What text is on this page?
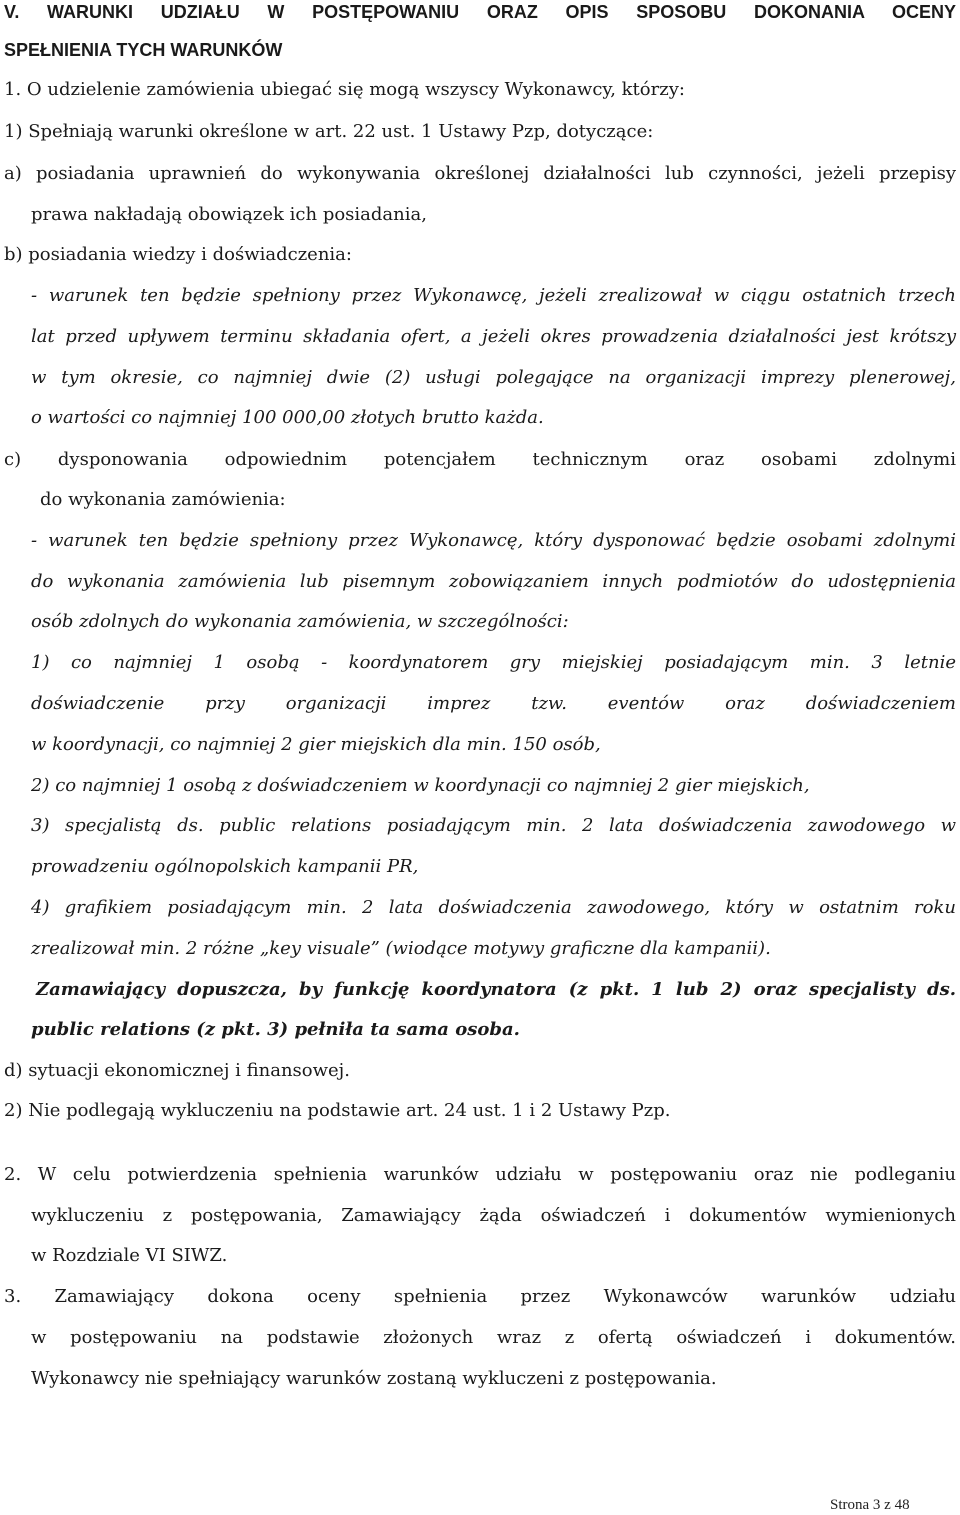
V. WARUNKI UDZIAŁU W POSTĘPOWANIU ORAZ OPIS SPOSOBU DOKONANIA OCENY

SPEŁNIENIA TYCH WARUNKÓW

1. O udzielenie zamówienia ubiegać się mogą wszyscy Wykonawcy, którzy:

1) Spełniają warunki określone w art. 22 ust. 1 Ustawy Pzp, dotyczące:

a) posiadania uprawnień do wykonywania określonej działalności lub czynności, jeżeli przepisy

prawa nakładają obowiązek ich posiadania,

b) posiadania wiedzy i doświadczenia:

- warunek ten będzie spełniony przez Wykonawcę, jeżeli zrealizował w ciągu ostatnich trzech

lat przed upływem terminu składania ofert, a jeżeli okres prowadzenia działalności jest krótszy

w tym okresie, co najmniej dwie (2) usługi polegające na organizacji imprezy plenerowej,

o wartości co najmniej 100 000,00 złotych brutto każda.

c) dysponowania odpowiednim potencjałem technicznym oraz osobami zdolnymi

do wykonania zamówienia:

- warunek ten będzie spełniony przez Wykonawcę, który dysponować będzie osobami zdolnymi

do wykonania zamówienia lub pisemnym zobowiązaniem innych podmiotów do udostępnienia

osób zdolnych do wykonania zamówienia, w szczególności:

1) co najmniej 1 osobą - koordynatorem gry miejskiej posiadającym min. 3 letnie

doświadczenie przy organizacji imprez tzw. eventów oraz doświadczeniem

w koordynacji, co najmniej 2 gier miejskich dla min. 150 osób,

2) co najmniej 1 osobą z doświadczeniem w koordynacji co najmniej 2 gier miejskich,

3) specjalistą ds. public relations posiadającym min. 2 lata doświadczenia zawodowego w

prowadzeniu ogólnopolskich kampanii PR,

4) grafikiem posiadającym min. 2 lata doświadczenia zawodowego, który w ostatnim roku

zrealizował min. 2 różne „key visuale” (wiodące motywy graficzne dla kampanii).

Zamawiający dopuszcza, by funkcję koordynatora (z pkt. 1 lub 2) oraz specjalisty ds.

public relations (z pkt. 3) pełniła ta sama osoba.

d) sytuacji ekonomicznej i finansowej.

2) Nie podlegają wykluczeniu na podstawie art. 24 ust. 1 i 2 Ustawy Pzp.

2. W celu potwierdzenia spełnienia warunków udziału w postępowaniu oraz nie podleganiu

wykluczeniu z postępowania, Zamawiający żąda oświadczeń i dokumentów wymienionych

w Rozdziale VI SIWZ.

3. Zamawiający dokona oceny spełnienia przez Wykonawców warunków udziału

w postępowaniu na podstawie złożonych wraz z ofertą oświadczeń i dokumentów.

Wykonawcy nie spełniający warunków zostaną wykluczeni z postępowania.

Strona 3 z 48
